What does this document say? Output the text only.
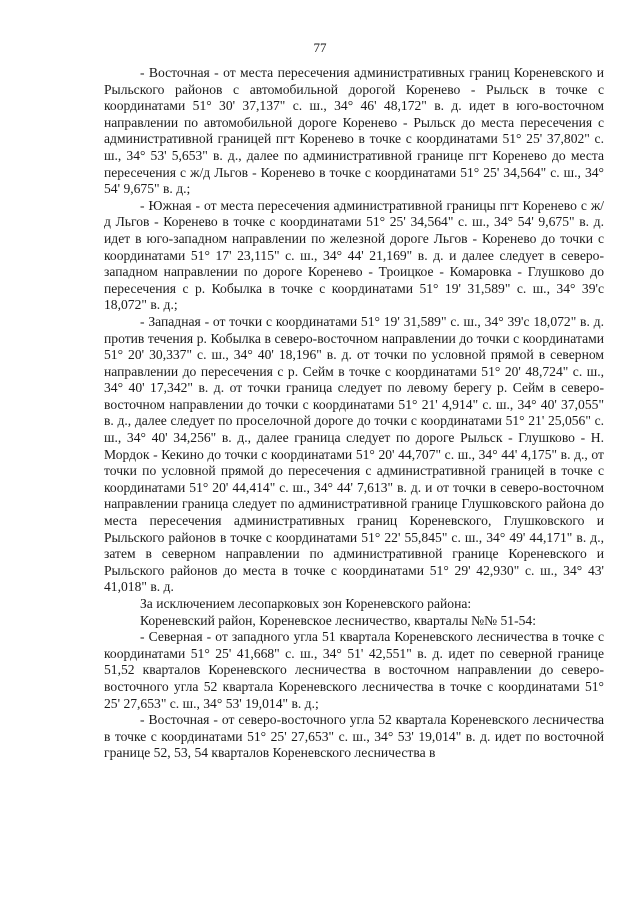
77

- Восточная - от места пересечения административных границ Кореневского и Рыльского районов с автомобильной дорогой Коренево - Рыльск в точке с координатами 51° 30' 37,137" с. ш., 34° 46' 48,172" в. д. идет в юго-восточном направлении по автомобильной дороге Коренево - Рыльск до места пересечения с административной границей пгт Коренево в точке с координатами 51° 25' 37,802" с. ш., 34° 53' 5,653" в. д., далее по административной границе пгт Коренево до места пересечения с ж/д Льгов - Коренево в точке с координатами 51° 25' 34,564" с. ш., 34° 54' 9,675" в. д.;

- Южная - от места пересечения административной границы пгт Коренево с ж/д Льгов - Коренево в точке с координатами 51° 25' 34,564" с. ш., 34° 54' 9,675" в. д. идет в юго-западном направлении по железной дороге Льгов - Коренево до точки с координатами 51° 17' 23,115" с. ш., 34° 44' 21,169" в. д. и далее следует в северо-западном направлении по дороге Коренево - Троицкое - Комаровка - Глушково до пересечения с р. Кобылка в точке с координатами 51° 19' 31,589" с. ш., 34° 39'с 18,072" в. д.;

- Западная - от точки с координатами 51° 19' 31,589" с. ш., 34° 39'с 18,072" в. д. против течения р. Кобылка в северо-восточном направлении до точки с координатами 51° 20' 30,337" с. ш., 34° 40' 18,196" в. д. от точки по условной прямой в северном направлении до пересечения с р. Сейм в точке с координатами 51° 20' 48,724" с. ш., 34° 40' 17,342" в. д. от точки граница следует по левому берегу р. Сейм в северо-восточном направлении до точки с координатами 51° 21' 4,914" с. ш., 34° 40' 37,055" в. д., далее следует по проселочной дороге до точки с координатами 51° 21' 25,056" с. ш., 34° 40' 34,256" в. д., далее граница следует по дороге Рыльск - Глушково - Н. Мордок - Кекино до точки с координатами 51° 20' 44,707" с. ш., 34° 44' 4,175" в. д., от точки по условной прямой до пересечения с административной границей в точке с координатами 51° 20' 44,414" с. ш., 34° 44' 7,613" в. д. и от точки в северо-восточном направлении граница следует по административной границе Глушковского района до места пересечения административных границ Кореневского, Глушковского и Рыльского районов в точке с координатами 51° 22' 55,845" с. ш., 34° 49' 44,171" в. д., затем в северном направлении по административной границе Кореневского и Рыльского районов до места в точке с координатами 51° 29' 42,930" с. ш., 34° 43' 41,018" в. д.

За исключением лесопарковых зон Кореневского района:

Кореневский район, Кореневское лесничество, кварталы №№ 51-54:

- Северная - от западного угла 51 квартала Кореневского лесничества в точке с координатами 51° 25' 41,668" с. ш., 34° 51' 42,551" в. д. идет по северной границе 51,52 кварталов Кореневского лесничества в восточном направлении до северо-восточного угла 52 квартала Кореневского лесничества в точке с координатами 51° 25' 27,653" с. ш., 34° 53' 19,014" в. д.;

- Восточная - от северо-восточного угла 52 квартала Кореневского лесничества в точке с координатами 51° 25' 27,653" с. ш., 34° 53' 19,014" в. д. идет по восточной границе 52, 53, 54 кварталов Кореневского лесничества в
